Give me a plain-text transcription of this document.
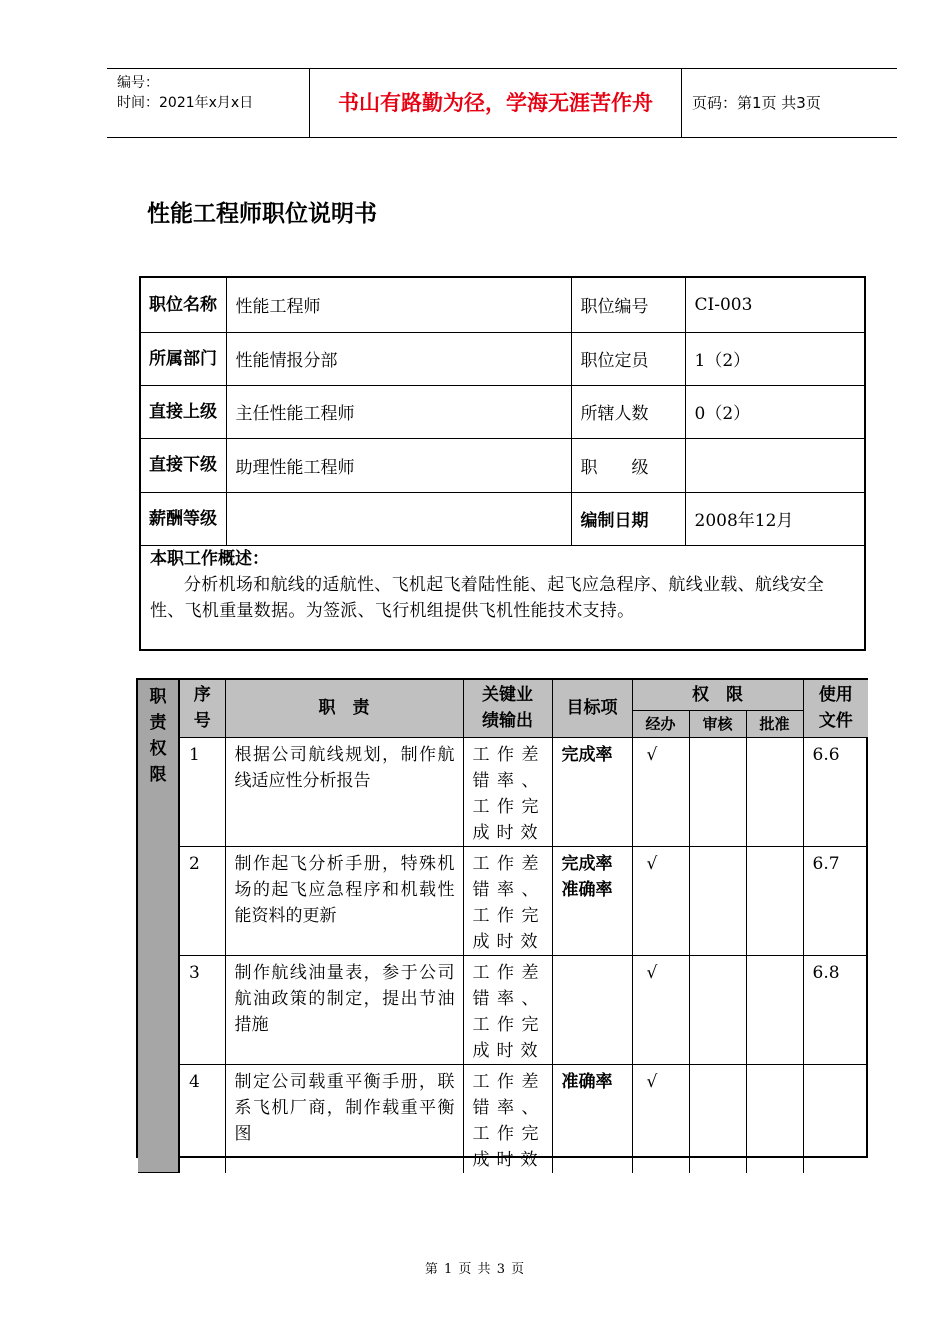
编号：
时间：2021年x月x日	书山有路勤为径，学海无涯苦作舟	页码：第1页 共3页
性能工程师职位说明书
职位名称	性能工程师	职位编号	CI-003
所属部门	性能情报分部	职位定员	1（2）
直接上级	主任性能工程师	所辖人数	0（2）
直接下级	助理性能工程师	职　　级	
薪酬等级		编制日期	2008年12月

本职工作概述：
分析机场和航线的适航性、飞机起飞着陆性能、起飞应急程序、航线业载、航线安全性、飞机重量数据。为签派、飞行机组提供飞机性能技术支持。			
职责权限	序号	职　责	关键业绩输出	目标项	权　限			使用文件

					经办	审核	批准	
	1	根据公司航线规划，制作航线适应性分析报告	工作差错率、工作完成时效	完成率	√			6.6
	2	制作起飞分析手册，特殊机场的起飞应急程序和机载性能资料的更新	工作差错率、工作完成时效	完成率准确率	√			6.7
	3	制作航线油量表，参于公司航油政策的制定，提出节油措施	工作差错率、工作完成时效		√			6.8
	4	制定公司载重平衡手册，联系飞机厂商，制作载重平衡图	工作差错率、工作完成时效	准确率	√			
第 1 页 共 3 页
